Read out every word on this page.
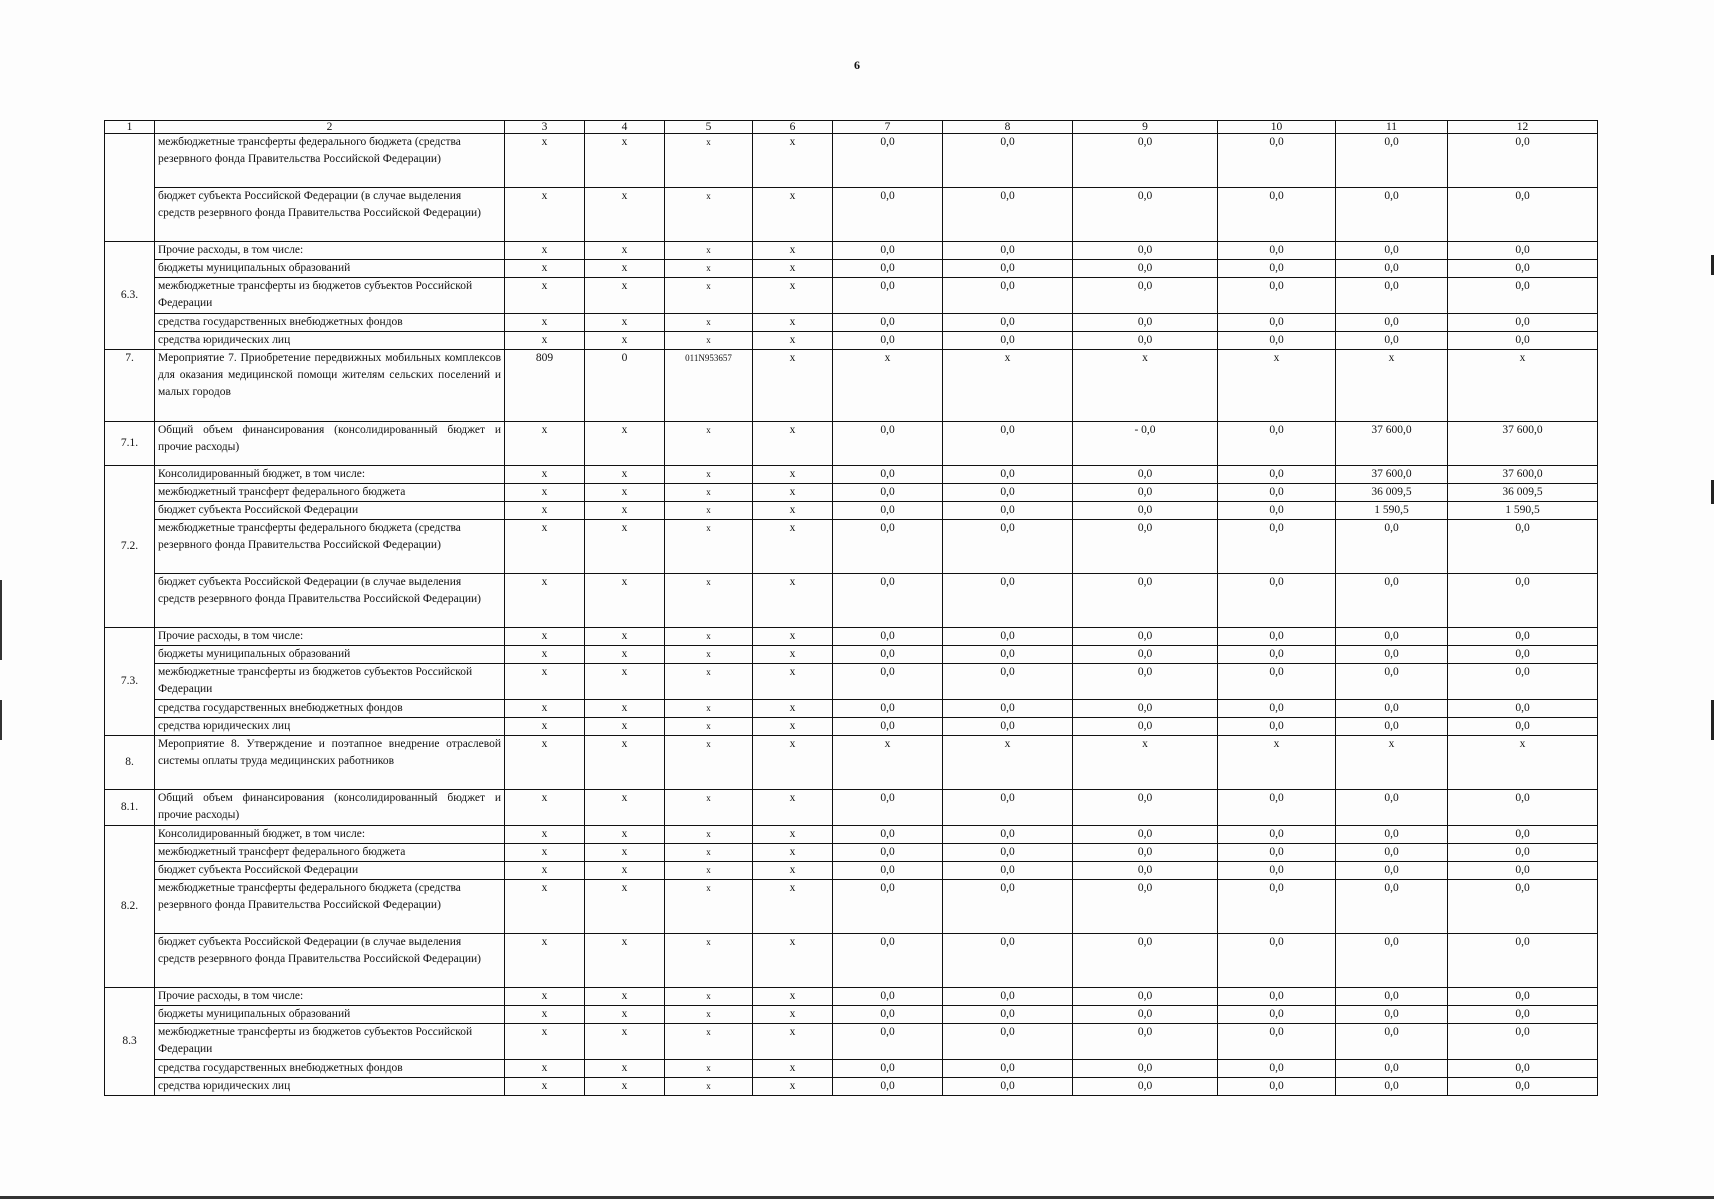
6
1	2	3	4	5	6	7	8	9	10	11	12
	межбюджетные трансферты федерального бюджета (средства резервного фонда Правительства Российской Федерации)	x	x	x	x	0,0	0,0	0,0	0,0	0,0	0,0
	бюджет субъекта Российской Федерации (в случае выделения средств резервного фонда Правительства Российской Федерации)	x	x	x	x	0,0	0,0	0,0	0,0	0,0	0,0
6.3.	Прочие расходы, в том числе:	x	x	x	x	0,0	0,0	0,0	0,0	0,0	0,0
	бюджеты муниципальных образований	x	x	x	x	0,0	0,0	0,0	0,0	0,0	0,0
	межбюджетные трансферты из бюджетов субъектов Российской Федерации	x	x	x	x	0,0	0,0	0,0	0,0	0,0	0,0
	средства государственных внебюджетных фондов	x	x	x	x	0,0	0,0	0,0	0,0	0,0	0,0
	средства юридических лиц	x	x	x	x	0,0	0,0	0,0	0,0	0,0	0,0
7.	Мероприятие 7. Приобретение передвижных мобильных комплексов для оказания медицинской помощи жителям сельских поселений и малых городов	809	0	011N953657	x	x	x	x	x	x	x
7.1.	Общий объем финансирования (консолидированный бюджет и прочие расходы)	x	x	x	x	0,0	0,0	- 0,0	0,0	37 600,0	37 600,0
7.2.	Консолидированный бюджет, в том числе:	x	x	x	x	0,0	0,0	0,0	0,0	37 600,0	37 600,0
	межбюджетный трансферт федерального бюджета	x	x	x	x	0,0	0,0	0,0	0,0	36 009,5	36 009,5
	бюджет субъекта Российской Федерации	x	x	x	x	0,0	0,0	0,0	0,0	1 590,5	1 590,5
	межбюджетные трансферты федерального бюджета (средства резервного фонда Правительства Российской Федерации)	x	x	x	x	0,0	0,0	0,0	0,0	0,0	0,0
	бюджет субъекта Российской Федерации (в случае выделения средств резервного фонда Правительства Российской Федерации)	x	x	x	x	0,0	0,0	0,0	0,0	0,0	0,0
7.3.	Прочие расходы, в том числе:	x	x	x	x	0,0	0,0	0,0	0,0	0,0	0,0
	бюджеты муниципальных образований	x	x	x	x	0,0	0,0	0,0	0,0	0,0	0,0
	межбюджетные трансферты из бюджетов субъектов Российской Федерации	x	x	x	x	0,0	0,0	0,0	0,0	0,0	0,0
	средства государственных внебюджетных фондов	x	x	x	x	0,0	0,0	0,0	0,0	0,0	0,0
	средства юридических лиц	x	x	x	x	0,0	0,0	0,0	0,0	0,0	0,0
8.	Мероприятие 8. Утверждение и поэтапное внедрение отраслевой системы оплаты труда медицинских работников	x	x	x	x	x	x	x	x	x	x
8.1.	Общий объем финансирования (консолидированный бюджет и прочие расходы)	x	x	x	x	0,0	0,0	0,0	0,0	0,0	0,0
8.2.	Консолидированный бюджет, в том числе:	x	x	x	x	0,0	0,0	0,0	0,0	0,0	0,0
	межбюджетный трансферт федерального бюджета	x	x	x	x	0,0	0,0	0,0	0,0	0,0	0,0
	бюджет субъекта Российской Федерации	x	x	x	x	0,0	0,0	0,0	0,0	0,0	0,0
	межбюджетные трансферты федерального бюджета (средства резервного фонда Правительства Российской Федерации)	x	x	x	x	0,0	0,0	0,0	0,0	0,0	0,0
	бюджет субъекта Российской Федерации (в случае выделения средств резервного фонда Правительства Российской Федерации)	x	x	x	x	0,0	0,0	0,0	0,0	0,0	0,0
8.3	Прочие расходы, в том числе:	x	x	x	x	0,0	0,0	0,0	0,0	0,0	0,0
	бюджеты муниципальных образований	x	x	x	x	0,0	0,0	0,0	0,0	0,0	0,0
	межбюджетные трансферты из бюджетов субъектов Российской Федерации	x	x	x	x	0,0	0,0	0,0	0,0	0,0	0,0
	средства государственных внебюджетных фондов	x	x	x	x	0,0	0,0	0,0	0,0	0,0	0,0
	средства юридических лиц	x	x	x	x	0,0	0,0	0,0	0,0	0,0	0,0
